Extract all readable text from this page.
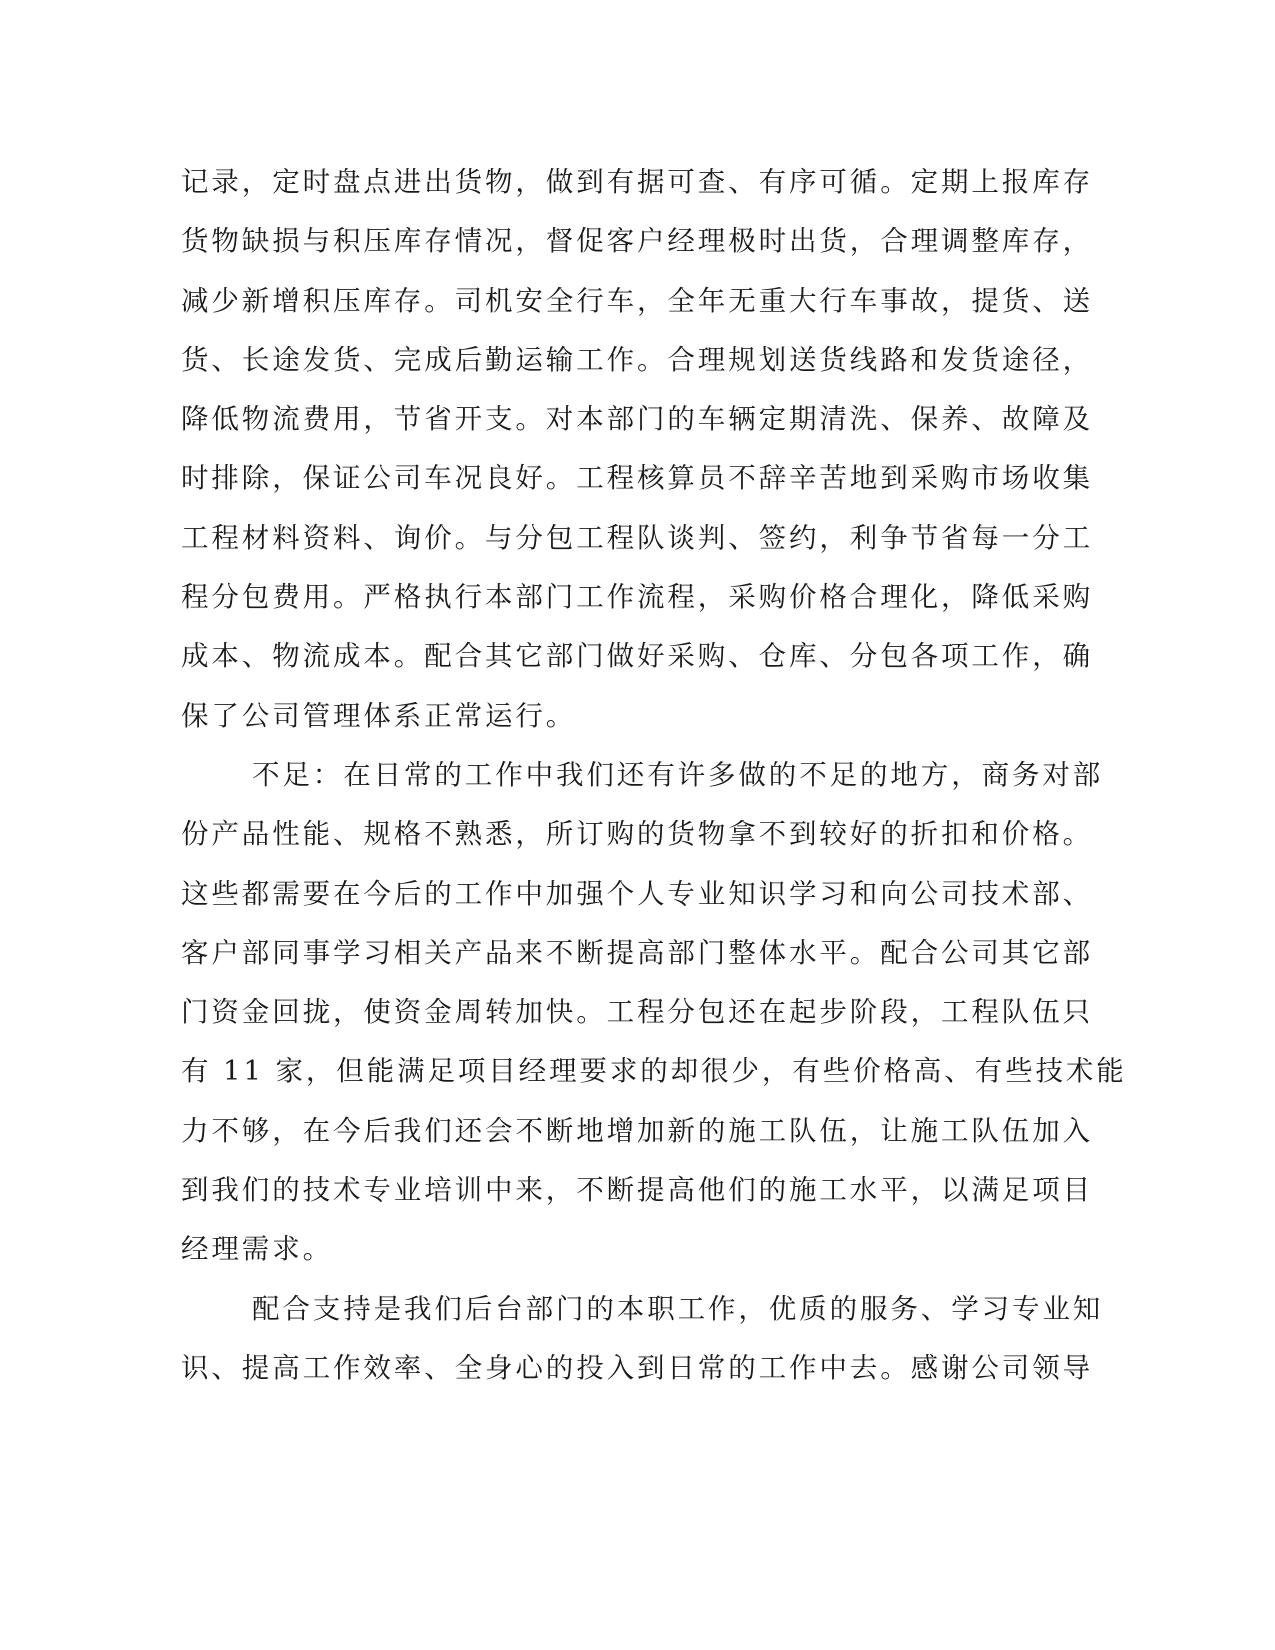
记录，定时盘点进出货物，做到有据可查、有序可循。定期上报库存
货物缺损与积压库存情况，督促客户经理极时出货，合理调整库存，
减少新增积压库存。司机安全行车，全年无重大行车事故，提货、送
货、长途发货、完成后勤运输工作。合理规划送货线路和发货途径，
降低物流费用，节省开支。对本部门的车辆定期清洗、保养、故障及
时排除，保证公司车况良好。工程核算员不辞辛苦地到采购市场收集
工程材料资料、询价。与分包工程队谈判、签约，利争节省每一分工
程分包费用。严格执行本部门工作流程，采购价格合理化，降低采购
成本、物流成本。配合其它部门做好采购、仓库、分包各项工作，确
保了公司管理体系正常运行。
不足：在日常的工作中我们还有许多做的不足的地方，商务对部
份产品性能、规格不熟悉，所订购的货物拿不到较好的折扣和价格。
这些都需要在今后的工作中加强个人专业知识学习和向公司技术部、
客户部同事学习相关产品来不断提高部门整体水平。配合公司其它部
门资金回拢，使资金周转加快。工程分包还在起步阶段，工程队伍只
有 11 家，但能满足项目经理要求的却很少，有些价格高、有些技术能
力不够，在今后我们还会不断地增加新的施工队伍，让施工队伍加入
到我们的技术专业培训中来，不断提高他们的施工水平，以满足项目
经理需求。
配合支持是我们后台部门的本职工作，优质的服务、学习专业知
识、提高工作效率、全身心的投入到日常的工作中去。感谢公司领导
